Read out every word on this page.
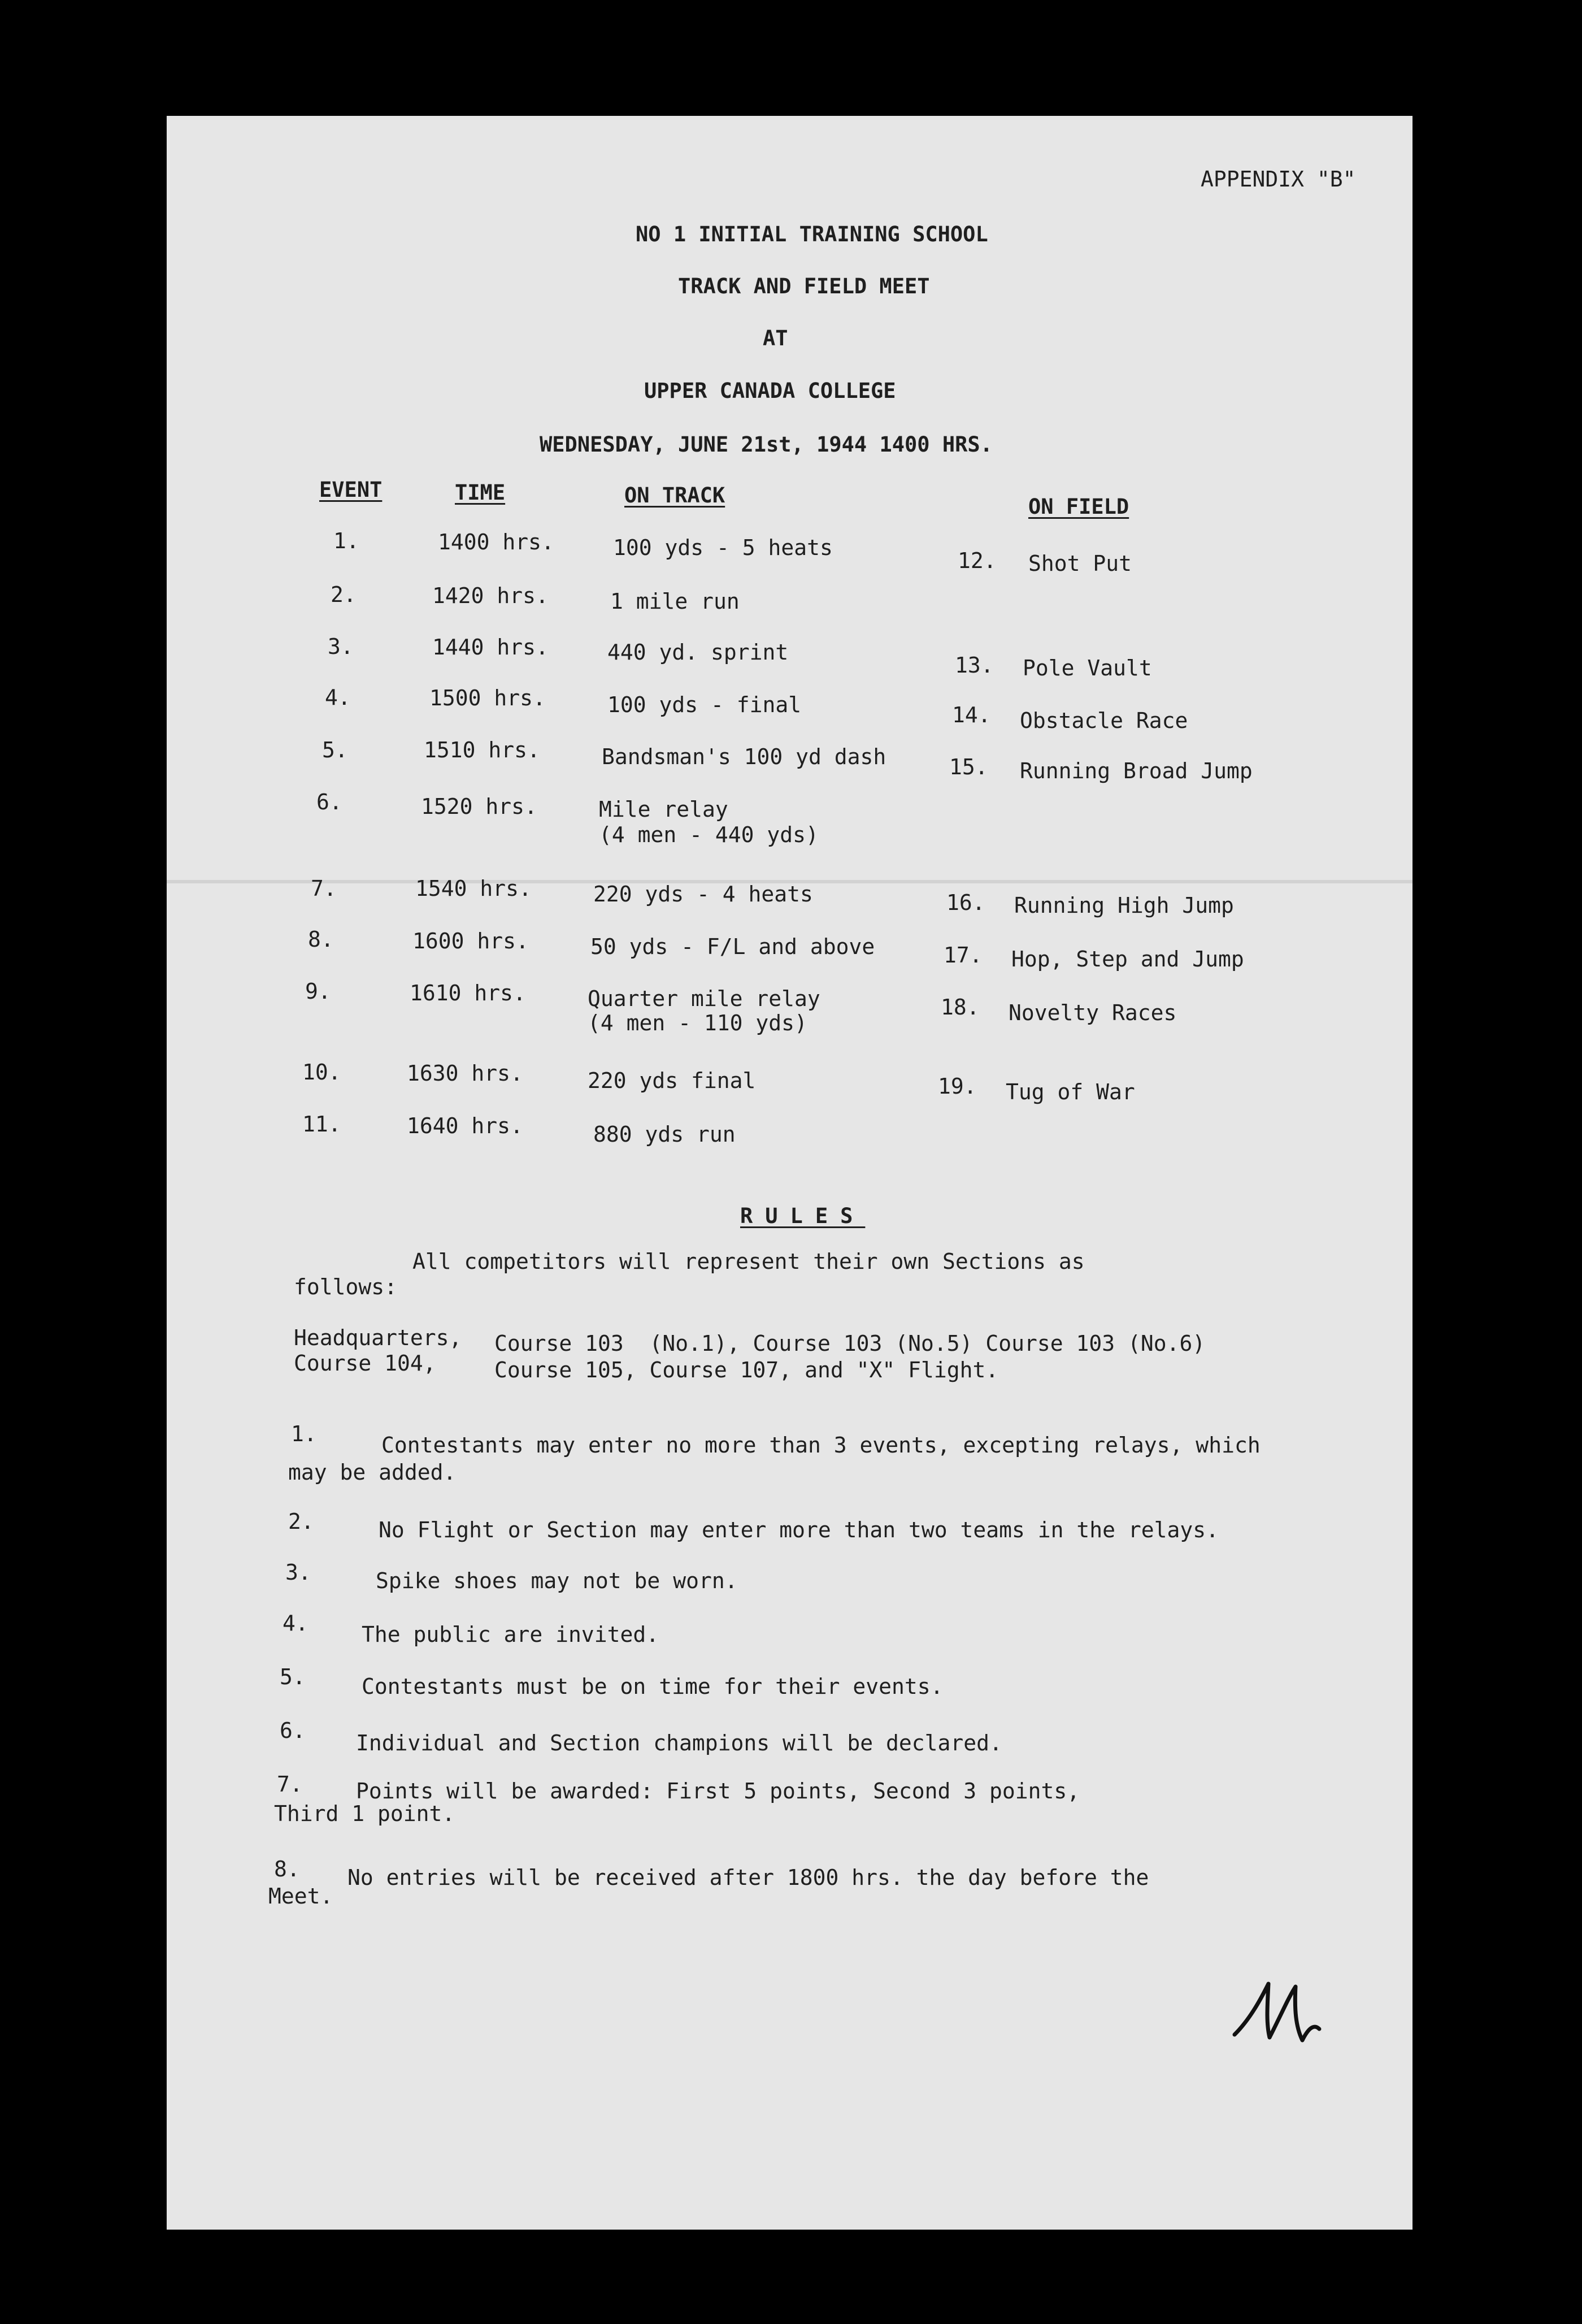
APPENDIX "B"
NO 1 INITIAL TRAINING SCHOOL
TRACK AND FIELD MEET
AT
UPPER CANADA COLLEGE
WEDNESDAY, JUNE 21st, 1944 1400 HRS.
EVENT	TIME	ON TRACK	ON FIELD
1.	1400 hrs.	100 yds - 5 heats
2.	1420 hrs.	1 mile run
3.	1440 hrs.	440 yd. sprint
4.	1500 hrs.	100 yds - final
5.	1510 hrs.	Bandsman's 100 yd dash
6.	1520 hrs.	Mile relay
(4 men - 440 yds)
7.	1540 hrs.	220 yds - 4 heats
8.	1600 hrs.	50 yds - F/L and above
9.	1610 hrs.	Quarter mile relay
(4 men - 110 yds)
10.	1630 hrs.	220 yds final
11.	1640 hrs.	880 yds run
12. Shot Put
13. Pole Vault
14. Obstacle Race
15. Running Broad Jump
16. Running High Jump
17. Hop, Step and Jump
18. Novelty Races
19. Tug of War
RULES
All competitors will represent their own Sections as
follows:
Headquarters, Course 103  (No.1), Course 103 (No.5) Course 103 (No.6)
Course 104,	Course 105, Course 107, and "X" Flight.
1.	Contestants may enter no more than 3 events, excepting relays, which
may be added.
2.	No Flight or Section may enter more than two teams in the relays.
3.	Spike shoes may not be worn.
4. The public are invited.
5.	Contestants must be on time for their events.
6. Individual and Section champions will be declared.
7. Points will be awarded: First 5 points, Second 3 points,
Third 1 point.
8. No entries will be received after 1800 hrs. the day before the
Meet.
